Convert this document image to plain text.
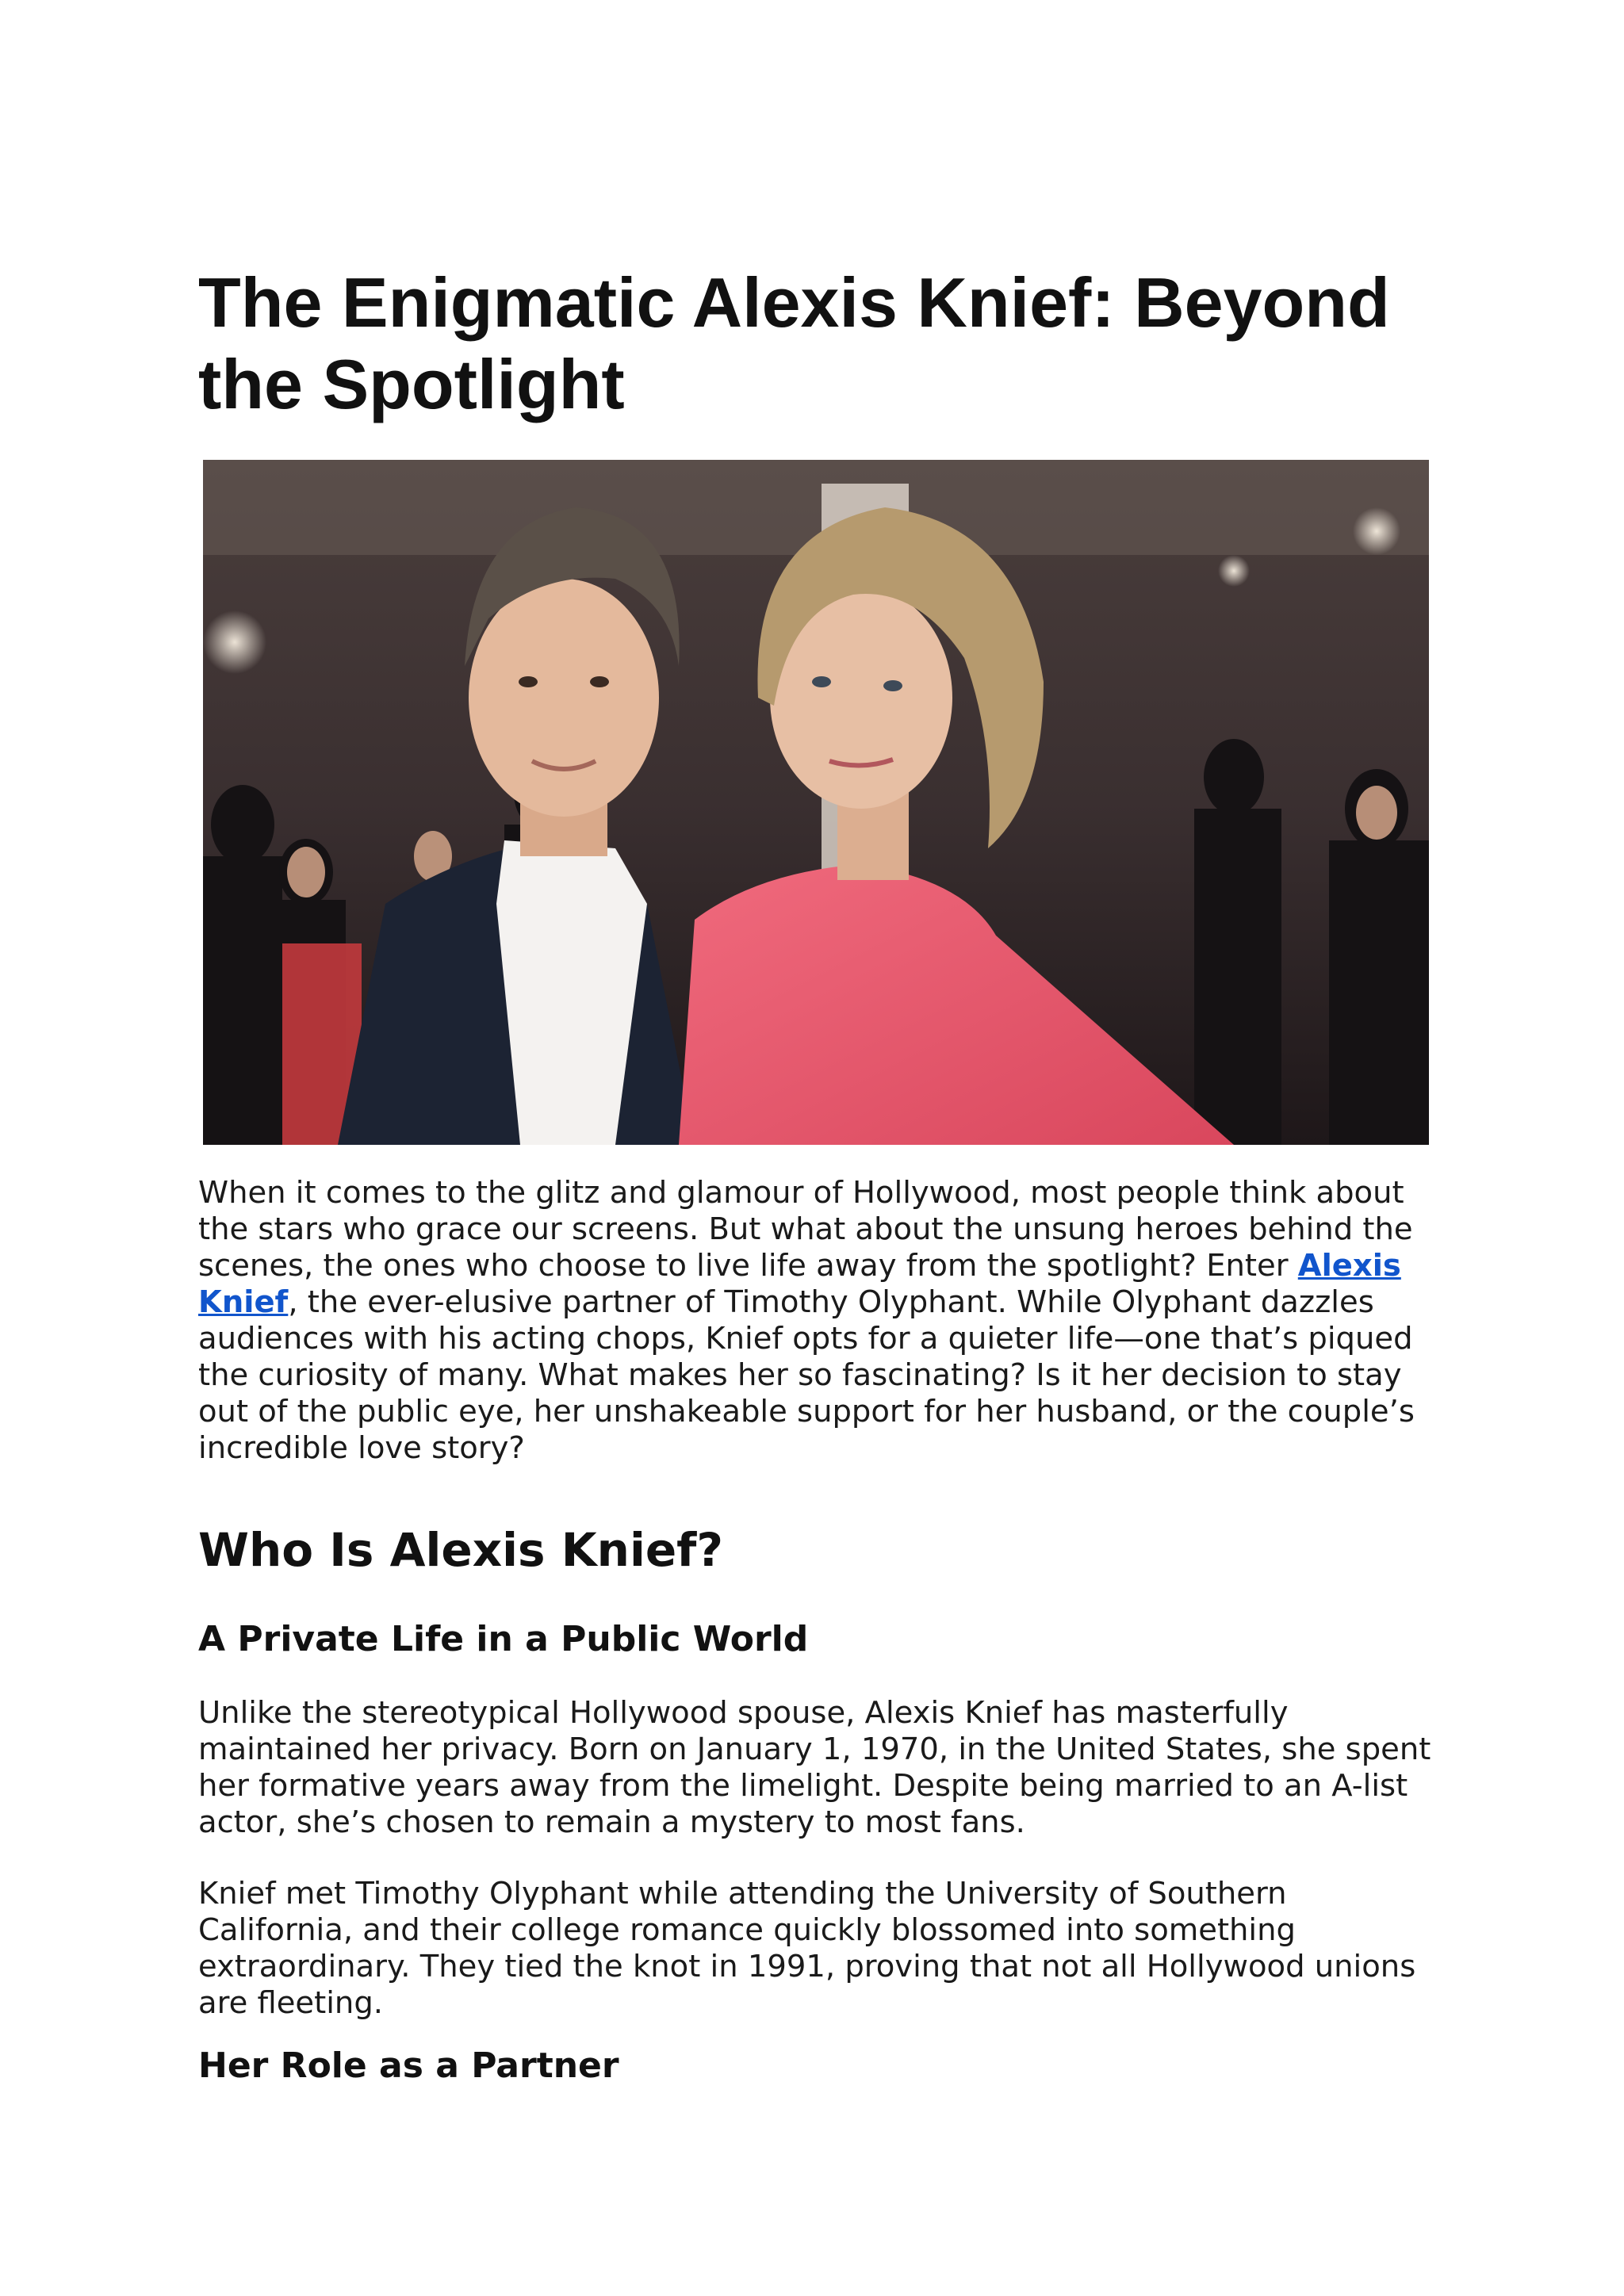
The Enigmatic Alexis Knief: Beyond the Spotlight

When it comes to the glitz and glamour of Hollywood, most people think about the stars who grace our screens. But what about the unsung heroes behind the scenes, the ones who choose to live life away from the spotlight? Enter Alexis Knief, the ever-elusive partner of Timothy Olyphant. While Olyphant dazzles audiences with his acting chops, Knief opts for a quieter life—one that’s piqued the curiosity of many. What makes her so fascinating? Is it her decision to stay out of the public eye, her unshakeable support for her husband, or the couple’s incredible love story?

Who Is Alexis Knief?
A Private Life in a Public World

Unlike the stereotypical Hollywood spouse, Alexis Knief has masterfully maintained her privacy. Born on January 1, 1970, in the United States, she spent her formative years away from the limelight. Despite being married to an A-list actor, she’s chosen to remain a mystery to most fans.

Knief met Timothy Olyphant while attending the University of Southern California, and their college romance quickly blossomed into something extraordinary. They tied the knot in 1991, proving that not all Hollywood unions are fleeting.

Her Role as a Partner
